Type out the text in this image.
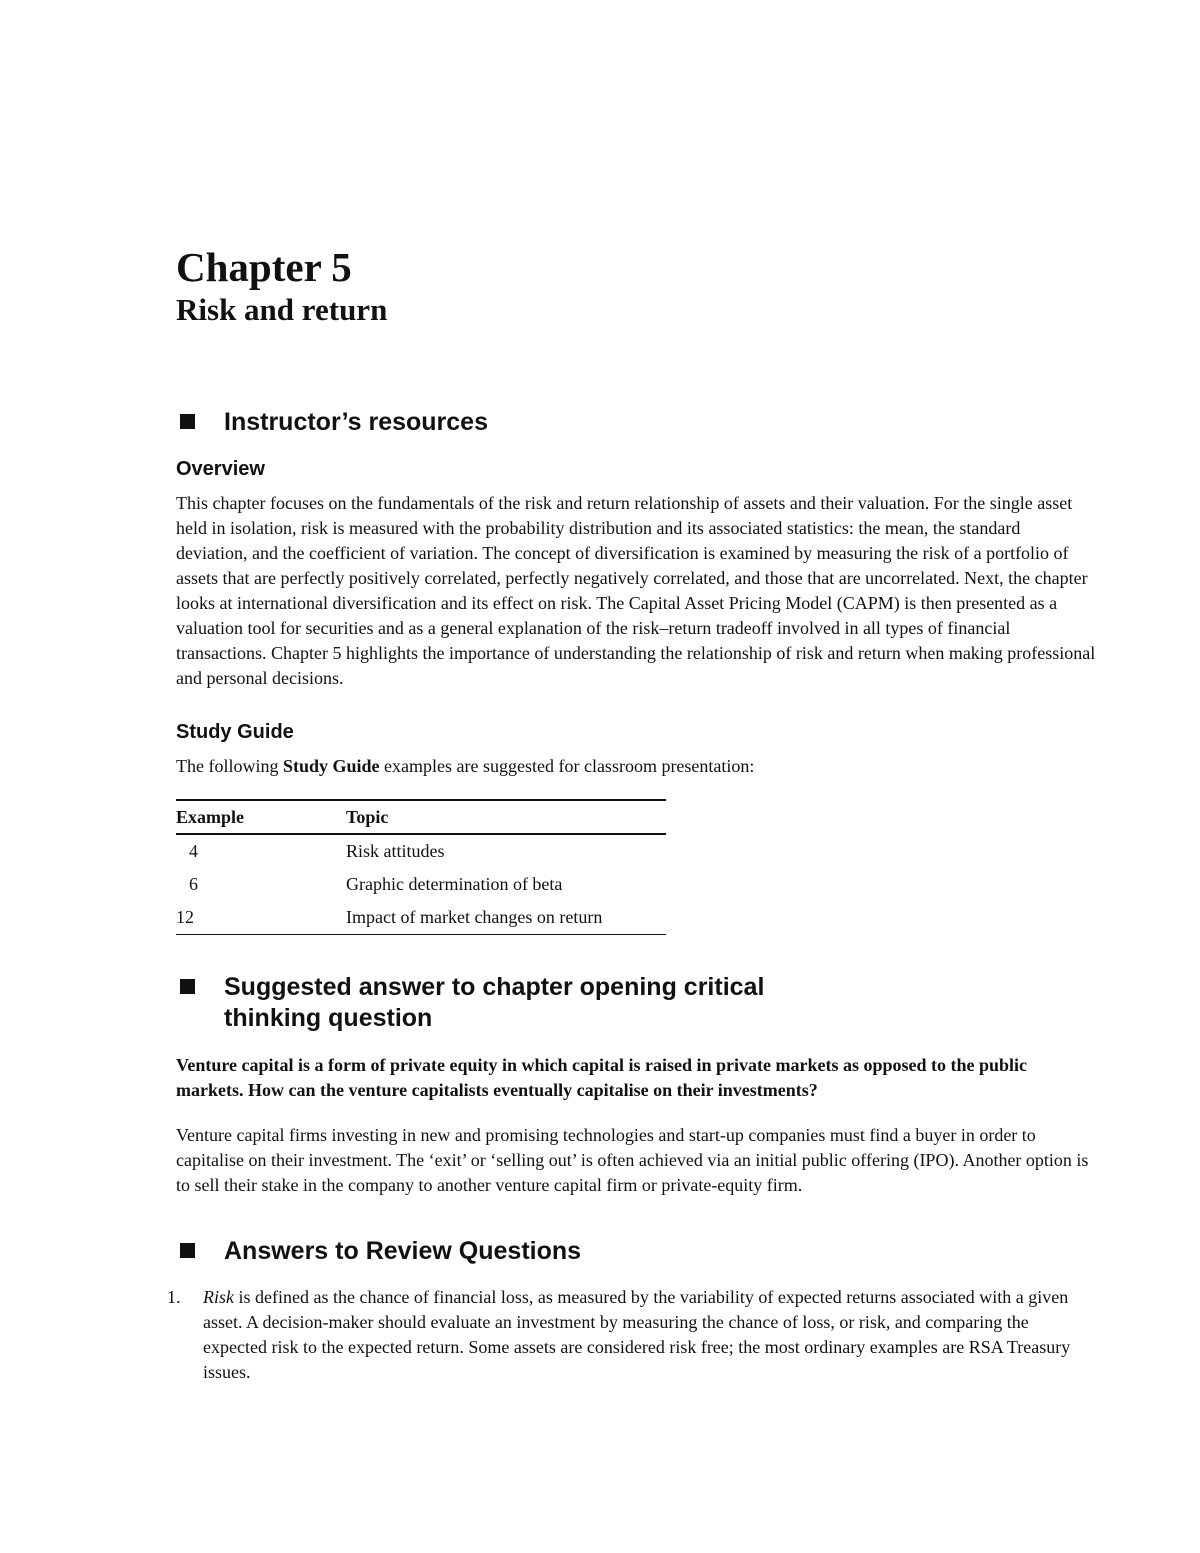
Chapter 5
Risk and return
Instructor’s resources
Overview

This chapter focuses on the fundamentals of the risk and return relationship of assets and their valuation. For the single asset held in isolation, risk is measured with the probability distribution and its associated statistics: the mean, the standard deviation, and the coefficient of variation. The concept of diversification is examined by measuring the risk of a portfolio of assets that are perfectly positively correlated, perfectly negatively correlated, and those that are uncorrelated. Next, the chapter looks at international diversification and its effect on risk. The Capital Asset Pricing Model (CAPM) is then presented as a valuation tool for securities and as a general explanation of the risk–return tradeoff involved in all types of financial transactions. Chapter 5 highlights the importance of understanding the relationship of risk and return when making professional and personal decisions.

Study Guide

The following Study Guide examples are suggested for classroom presentation:

Example	Topic
4	Risk attitudes
6	Graphic determination of beta
12	Impact of market changes on return
Suggested answer to chapter opening critical
thinking question

Venture capital is a form of private equity in which capital is raised in private markets as opposed to the public markets. How can the venture capitalists eventually capitalise on their investments?

Venture capital firms investing in new and promising technologies and start-up companies must find a buyer in order to capitalise on their investment. The ‘exit’ or ‘selling out’ is often achieved via an initial public offering (IPO). Another option is to sell their stake in the company to another venture capital firm or private-equity firm.

Answers to Review Questions
1.	Risk is defined as the chance of financial loss, as measured by the variability of expected returns associated with a given asset. A decision-maker should evaluate an investment by measuring the chance of loss, or risk, and comparing the expected risk to the expected return. Some assets are considered risk free; the most ordinary examples are RSA Treasury issues.
